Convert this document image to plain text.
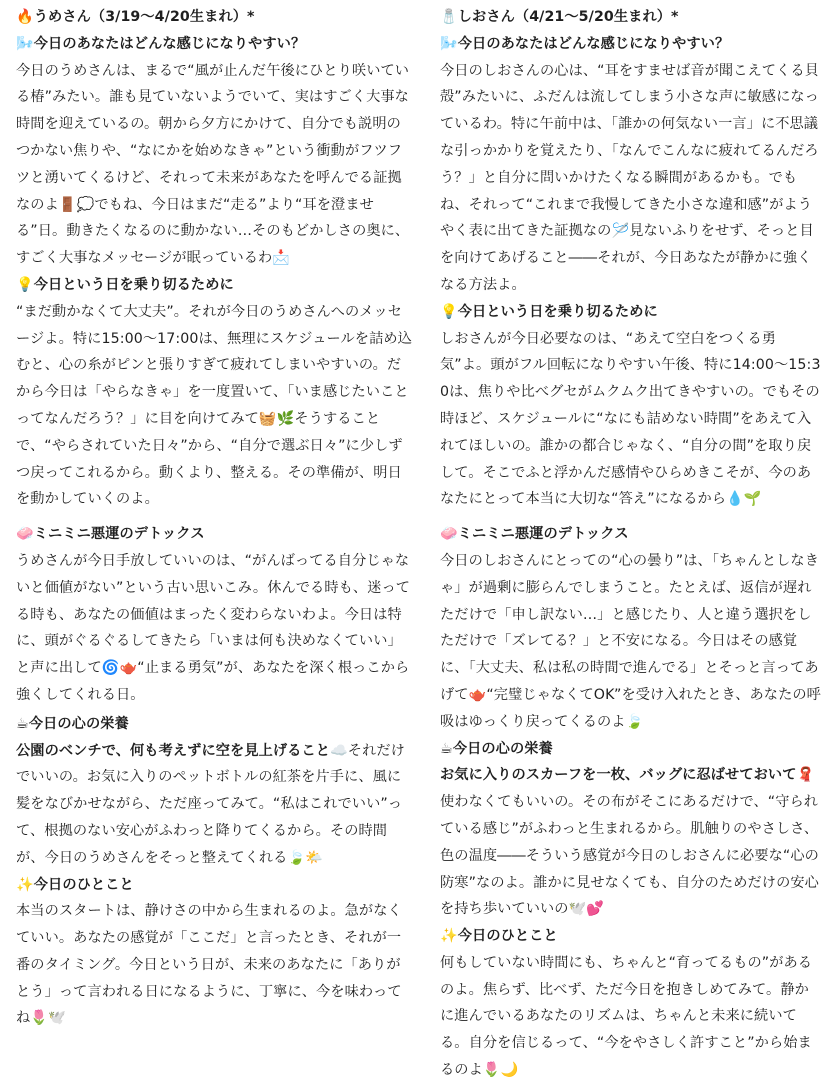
🔥うめさん（3/19〜4/20生まれ）*

🌬️今日のあなたはどんな感じになりやすい？

今日のうめさんは、まるで“風が止んだ午後にひとり咲いている椿”みたい。誰も見ていないようでいて、実はすごく大事な時間を迎えているの。朝から夕方にかけて、自分でも説明のつかない焦りや、“なにかを始めなきゃ”という衝動がフツフツと湧いてくるけど、それって未来があなたを呼んでる証拠なのよ🚪💭でもね、今日はまだ“走る”より“耳を澄ませる”日。動きたくなるのに動かない…そのもどかしさの奥に、すごく大事なメッセージが眠っているわ📩

💡今日という日を乗り切るために

“まだ動かなくて大丈夫”。それが今日のうめさんへのメッセージよ。特に15:00〜17:00は、無理にスケジュールを詰め込むと、心の糸がピンと張りすぎて疲れてしまいやすいの。だから今日は「やらなきゃ」を一度置いて、「いま感じたいことってなんだろう？」に目を向けてみて🧺🌿そうすることで、“やらされていた日々”から、“自分で選ぶ日々”に少しずつ戻ってこれるから。動くより、整える。その準備が、明日を動かしていくのよ。

🧼ミニミニ悪運のデトックス

うめさんが今日手放していいのは、“がんばってる自分じゃないと価値がない”という古い思いこみ。休んでる時も、迷ってる時も、あなたの価値はまったく変わらないわよ。今日は特に、頭がぐるぐるしてきたら「いまは何も決めなくていい」と声に出して🌀🫖“止まる勇気”が、あなたを深く根っこから強くしてくれる日。

☕今日の心の栄養

公園のベンチで、何も考えずに空を見上げること☁️それだけでいいの。お気に入りのペットボトルの紅茶を片手に、風に髪をなびかせながら、ただ座ってみて。“私はこれでいい”って、根拠のない安心がふわっと降りてくるから。その時間が、今日のうめさんをそっと整えてくれる🍃🌤️

✨今日のひとこと

本当のスタートは、静けさの中から生まれるのよ。急がなくていい。あなたの感覚が「ここだ」と言ったとき、それが一番のタイミング。今日という日が、未来のあなたに「ありがとう」って言われる日になるように、丁寧に、今を味わってね🌷🕊️

🧂しおさん（4/21〜5/20生まれ）*

🌬️今日のあなたはどんな感じになりやすい？

今日のしおさんの心は、“耳をすませば音が聞こえてくる貝殻”みたいに、ふだんは流してしまう小さな声に敏感になっているわ。特に午前中は、「誰かの何気ない一言」に不思議な引っかかりを覚えたり、「なんでこんなに疲れてるんだろう？」と自分に問いかけたくなる瞬間があるかも。でもね、それって“これまで我慢してきた小さな違和感”がようやく表に出てきた証拠なの🪡見ないふりをせず、そっと目を向けてあげること――それが、今日あなたが静かに強くなる方法よ。

💡今日という日を乗り切るために

しおさんが今日必要なのは、“あえて空白をつくる勇気”よ。頭がフル回転になりやすい午後、特に14:00〜15:30は、焦りや比べグセがムクムク出てきやすいの。でもその時ほど、スケジュールに“なにも詰めない時間”をあえて入れてほしいの。誰かの都合じゃなく、“自分の間”を取り戻して。そこでふと浮かんだ感情やひらめきこそが、今のあなたにとって本当に大切な“答え”になるから💧🌱

🧼ミニミニ悪運のデトックス

今日のしおさんにとっての“心の曇り”は、「ちゃんとしなきゃ」が過剰に膨らんでしまうこと。たとえば、返信が遅れただけで「申し訳ない…」と感じたり、人と違う選択をしただけで「ズレてる？」と不安になる。今日はその感覚に、「大丈夫、私は私の時間で進んでる」とそっと言ってあげて🫖“完璧じゃなくてOK”を受け入れたとき、あなたの呼吸はゆっくり戻ってくるのよ🍃

☕今日の心の栄養

お気に入りのスカーフを一枚、バッグに忍ばせておいて🧣使わなくてもいいの。その布がそこにあるだけで、“守られている感じ”がふわっと生まれるから。肌触りのやさしさ、色の温度――そういう感覚が今日のしおさんに必要な“心の防寒”なのよ。誰かに見せなくても、自分のためだけの安心を持ち歩いていいの🕊️💕

✨今日のひとこと

何もしていない時間にも、ちゃんと“育ってるもの”があるのよ。焦らず、比べず、ただ今日を抱きしめてみて。静かに進んでいるあなたのリズムは、ちゃんと未来に続いてる。自分を信じるって、“今をやさしく許すこと”から始まるのよ🌷🌙
